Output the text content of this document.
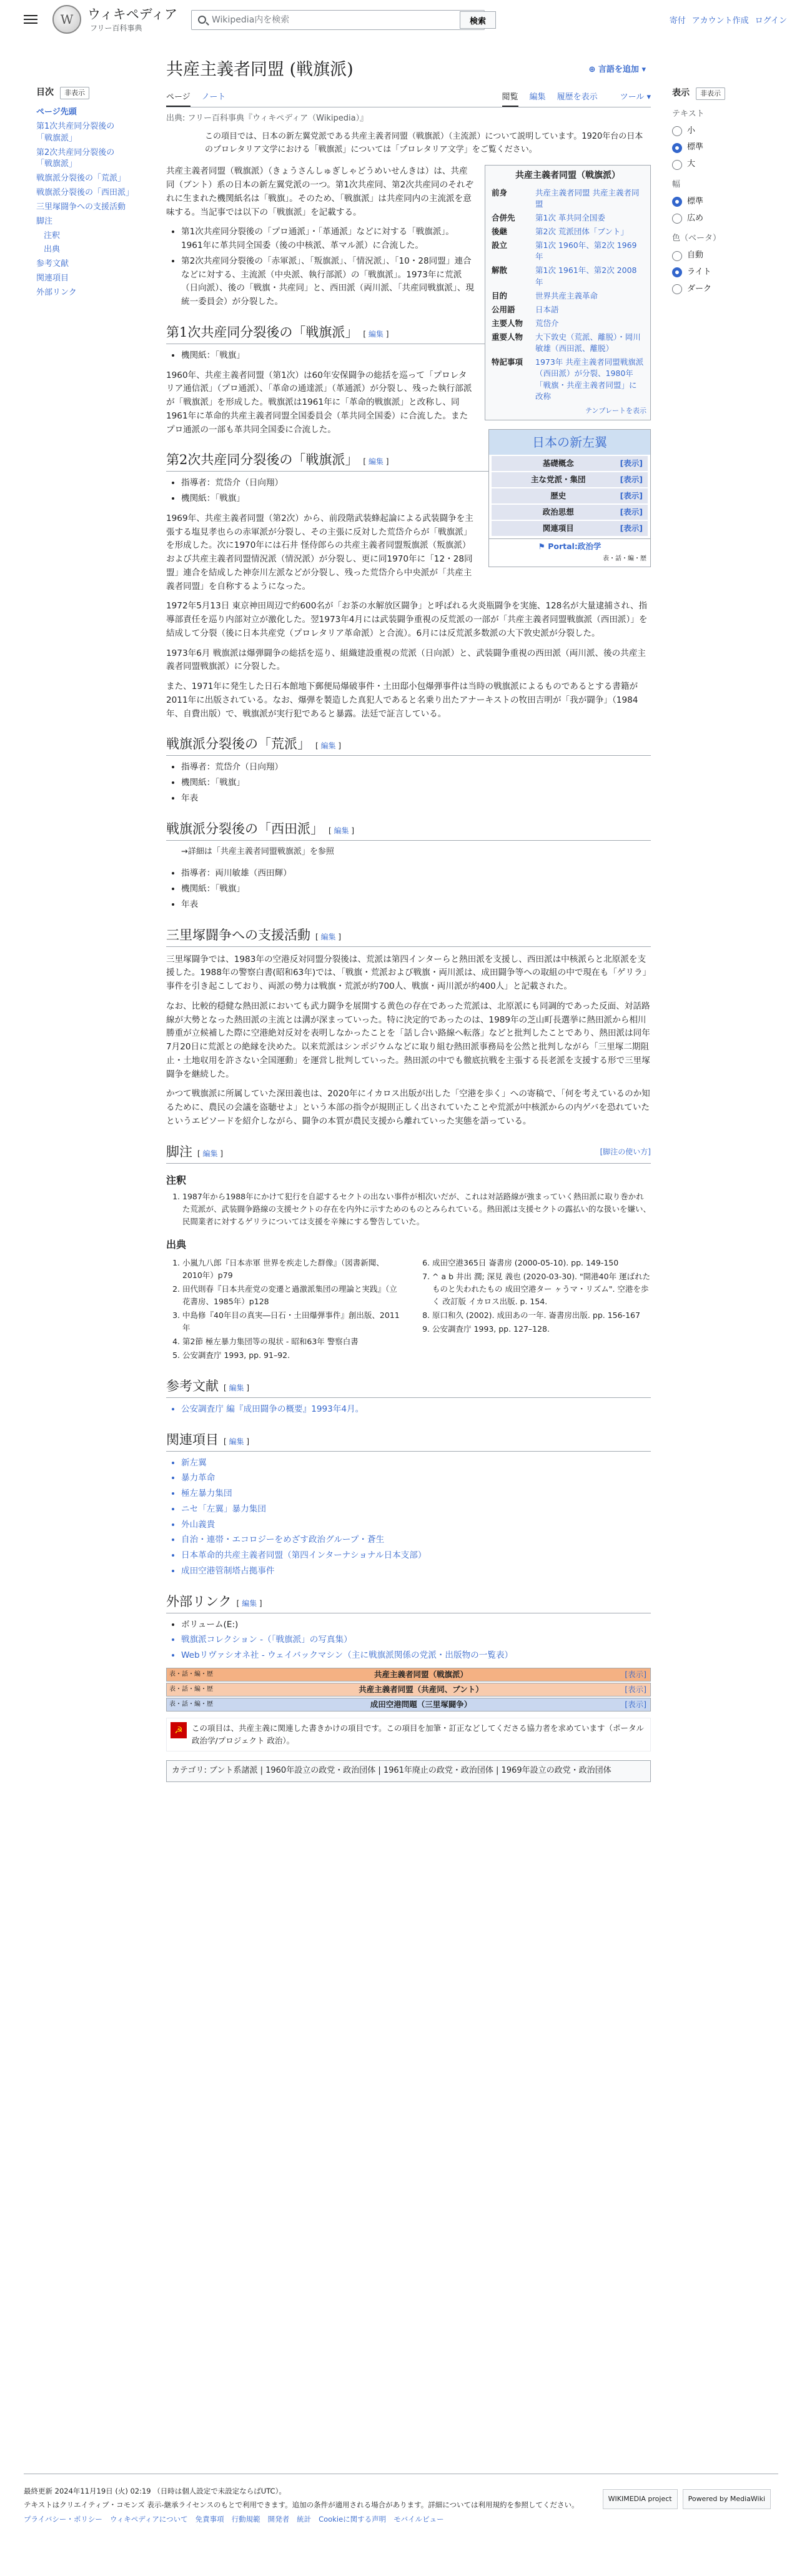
W	ウィキペディア
フリー百科事典
Wikipedia内を検索
検索	寄付 アカウント作成 ログイン
目次 非表示
ページ先頭
第1次共産同分裂後の「戦旗派」
第2次共産同分裂後の「戦旗派」
戦旗派分裂後の「荒派」
戦旗派分裂後の「西田派」
三里塚闘争への支援活動
脚注
注釈
出典
参考文献
関連項目
外部リンク
共産主義者同盟 (戦旗派)	⊕ 言語を追加 ▾
ページ ノート	閲覧 編集 履歴を表示	ツール ▾ 表示 非表示
テキスト
小
標準
大
幅
標準
広め
色（ベータ）
自動
ライト
ダーク
出典: フリー百科事典『ウィキペディア（Wikipedia）』
この項目では、日本の新左翼党派である共産主義者同盟（戦旗派）（主流派）について説明しています。1920年台の日本のプロレタリア文学における「戦旗派」については「プロレタリア文学」をご覧ください。
共産主義者同盟（戦旗派）
前身	共産主義者同盟 共産主義者同盟
合併先	第1次 革共同全国委
後継	第2次 荒派団体「ブント」
設立	第1次 1960年、第2次 1969年
解散	第1次 1961年、第2次 2008年
目的	世界共産主義革命
公用語	日本語
主要人物	荒岱介
重要人物	大下敦史（荒派、離脱）・岡川敏雄（西田派、離脱）
特記事項	1973年 共産主義者同盟戦旗派（西田派）が分裂、1980年「戦旗・共産主義者同盟」に改称
テンプレートを表示
日本の新左翼
基礎概念	[表示]
主な党派・集団	[表示]
歴史	[表示]
政治思想	[表示]
関連項目	[表示]
⚑ Portal:政治学
表・話・編・歴

共産主義者同盟（戦旗派）（きょうさんしゅぎしゃどうめいせんきは）は、共産同（ブント）系の日本の新左翼党派の一つ。第1次共産同、第2次共産同のそれぞれに生まれた機関紙名は「戦旗」。そのため、「戦旗派」は共産同内の主流派を意味する。当記事では以下の「戦旗派」を記載する。

• 第1次共産同分裂後の「プロ通派」・「革通派」などに対する「戦旗派」。1961年に革共同全国委（後の中核派、革マル派）に合流した。
• 第2次共産同分裂後の「赤軍派」、「叛旗派」、「情況派」、「10・28同盟」連合などに対する、主流派（中央派、執行部派）の「戦旗派」。1973年に荒派（日向派）、後の「戦旗・共産同」と、西田派（両川派、「共産同戦旗派」、現 統一委員会）が分裂した。
第1次共産同分裂後の「戦旗派」 [ 編集 ]
• 機関紙：「戦旗」

1960年、共産主義者同盟（第1次）は60年安保闘争の総括を巡って「プロレタリア通信派」（プロ通派）、「革命の通達派」（革通派）が分裂し、残った執行部派が「戦旗派」を形成した。戦旗派は1961年に「革命的戦旗派」と改称し、同1961年に革命的共産主義者同盟全国委員会（革共同全国委）に合流した。またプロ通派の一部も革共同全国委に合流した。

第2次共産同分裂後の「戦旗派」 [ 編集 ]
• 指導者：荒岱介（日向翔）
• 機関紙：「戦旗」

1969年、共産主義者同盟（第2次）から、前段階武装蜂起論による武装闘争を主張する塩見孝也らの赤軍派が分裂し、その主張に反対した荒岱介らが「戦旗派」を形成した。次に1970年には石井 怪侍郎らの共産主義者同盟叛旗派（叛旗派）および共産主義者同盟情況派（情況派）が分裂し、更に同1970年に「12・28同盟」連合を結成した神奈川左派などが分裂し、残った荒岱介ら中央派が「共産主義者同盟」を自称するようになった。

1972年5月13日 東京神田周辺で約600名が「お茶の水解放区闘争」と呼ばれる火炎瓶闘争を実施、128名が大量逮捕され、指導部責任を巡り内部対立が激化した。翌1973年4月には武装闘争重視の反荒派の一部が「共産主義者同盟戦旗派（西田派）」を結成して分裂（後に日本共産党（プロレタリア革命派）と合流）。6月には反荒派多数派の大下敦史派が分裂した。

1973年6月 戦旗派は爆弾闘争の総括を巡り、組織建設重視の荒派（日向派）と、武装闘争重視の西田派（両川派、後の共産主義者同盟戦旗派）に分裂した。

また、1971年に発生した日石本館地下郵便局爆破事件・土田邸小包爆弾事件は当時の戦旗派によるものであるとする書籍が2011年に出版されている。なお、爆弾を製造した真犯人であると名乗り出たアナーキストの牧田吉明が「我が闘争」（1984年、自費出版）で、戦旗派が実行犯であると暴露。法廷で証言している。

戦旗派分裂後の「荒派」 [ 編集 ]
• 指導者：荒岱介（日向翔）
• 機関紙：「戦旗」
• 年表
戦旗派分裂後の「西田派」 [ 編集 ]
→詳細は「共産主義者同盟戦旗派」を参照
• 指導者：両川敏雄（西田輝）
• 機関紙：「戦旗」
• 年表
三里塚闘争への支援活動 [ 編集 ]

三里塚闘争では、1983年の空港反対同盟分裂後は、荒派は第四インターらと熱田派を支援し、西田派は中核派らと北原派を支援した。1988年の警察白書(昭和63年)では、「戦旗・荒派および戦旗・両川派は、成田闘争等への取組の中で現在も「ゲリラ」事件を引き起こしており、両派の勢力は戦旗・荒派が約700人、戦旗・両川派が約400人」と記載された。

なお、比較的穏健な熱田派においても武力闘争を展開する黄色の存在であった荒派は、北原派にも同調的であった反面、対話路線が大勢となった熱田派の主流とは溝が深まっていった。特に決定的であったのは、1989年の芝山町長選挙に熱田派から相川勝重が立候補した際に空港絶対反対を表明しなかったことを「話し合い路線へ転落」などと批判したことであり、熱田派は同年7月20日に荒派との絶縁を決めた。以来荒派はシンポジウムなどに取り組む熱田派事務局を公然と批判しながら「三里塚二期阻止・土地収用を許さない全国運動」を運営し批判していった。熱田派の中でも徹底抗戦を主張する長老派を支援する形で三里塚闘争を継続した。

かつて戦旗派に所属していた深田義也は、2020年にイカロス出版が出した「空港を歩く」への寄稿で、「何を考えているのか知るために、農民の会議を盗聴せよ」という本部の指令が規則正しく出されていたことや荒派が中核派からの内ゲバを恐れていたというエピソードを紹介しながら、闘争の本質が農民支援から離れていった実態を語っている。

脚注 [ 編集 ]	[脚注の使い方]
注釈
1. 1987年から1988年にかけて犯行を自認するセクトの出ない事件が相次いだが、これは対話路線が強まっていく熱田派に取り巻かれた荒派が、武装闘争路線の支援セクトの存在を内外に示すためのものとみられている。熱田派は支援セクトの露払い的な扱いを嫌い、民間業者に対するゲリラについては支援を辛辣にする警告していた。
出典
1. 小嵐九八郎『日本赤軍 世界を疾走した群像』（図書新聞、2010年）p79
2. 田代則春『日本共産党の変遷と過激派集団の理論と実践』（立花書房、1985年）p128
3. 中島修『40年目の真実―日石・土田爆弾事件』創出版、2011年
4. 第2節 極左暴力集団等の現状 - 昭和63年 警察白書
5. 公安調査庁 1993, pp. 91–92.
6. 成田空港365日 崙書房 (2000-05-10). pp. 149-150
7. ^ a b 井出 潤; 深見 義也 (2020-03-30). "開港40年 運ばれたものと失われたもの 成田空港ター ヶうマ・リズム". 空港を歩く 改訂版 イカロス出版. p. 154.
8. 原口和久 (2002). 成田あの一年. 崙書房出版. pp. 156-167
9. 公安調査庁 1993, pp. 127–128.
参考文献 [ 編集 ]
• 公安調査庁 編『成田闘争の概要』1993年4月。
関連項目 [ 編集 ]
• 新左翼
• 暴力革命
• 極左暴力集団
• ニセ「左翼」暴力集団
• 外山義貴
• 自治・連帯・エコロジーをめざす政治グループ・蒼生
• 日本革命的共産主義者同盟（第四インターナショナル日本支部）
• 成田空港管制塔占拠事件
外部リンク [ 編集 ]
• ボリューム(E:)
• 戦旗派コレクション -（「戦旗派」の写真集）
• Webリヴァシオネ社 - ウェイバックマシン（主に戦旗派関係の党派・出版物の一覧表）
表・話・編・歴	共産主義者同盟（戦旗派）	[表示]
表・話・編・歴	共産主義者同盟（共産同、ブント）	[表示]
表・話・編・歴	成田空港問題（三里塚闘争）	[表示]
☭	この項目は、共産主義に関連した書きかけの項目です。この項目を加筆・訂正などしてくださる協力者を求めています（ポータル 政治学/プロジェクト 政治）。
カテゴリ: ブント系諸派 | 1960年設立の政党・政治団体 | 1961年廃止の政党・政治団体 | 1969年設立の政党・政治団体

最終更新 2024年11月19日 (火) 02:19 （日時は個人設定で未設定ならばUTC）。

テキストはクリエイティブ・コモンズ 表示-継承ライセンスのもとで利用できます。追加の条件が適用される場合があります。詳細については利用規約を参照してください。

プライバシー・ポリシー ウィキペディアについて 免責事項 行動規範 開発者 統計 Cookieに関する声明 モバイルビュー

WIKIMEDIA project	Powered by MediaWiki
